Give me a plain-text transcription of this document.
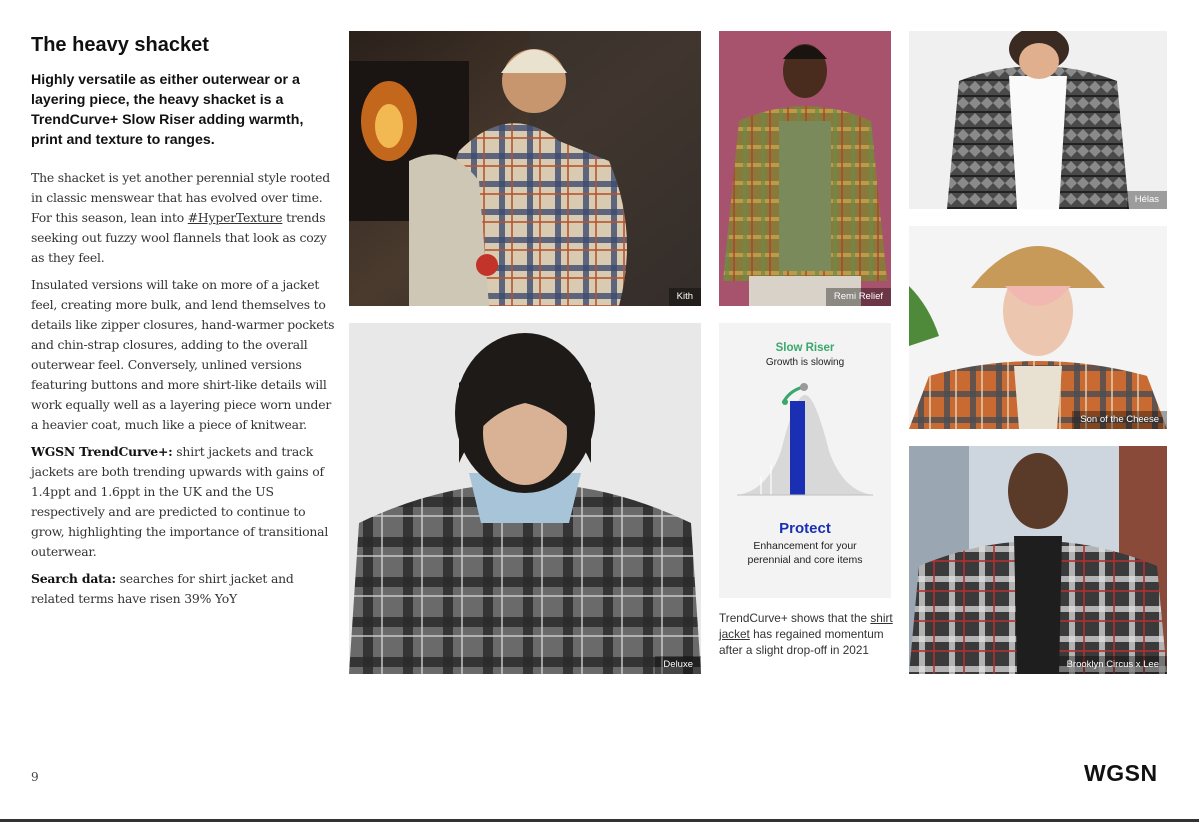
The heavy shacket
Highly versatile as either outerwear or a layering piece, the heavy shacket is a TrendCurve+ Slow Riser adding warmth, print and texture to ranges.

The shacket is yet another perennial style rooted in classic menswear that has evolved over time. For this season, lean into #HyperTexture trends seeking out fuzzy wool flannels that look as cozy as they feel.

Insulated versions will take on more of a jacket feel, creating more bulk, and lend themselves to details like zipper closures, hand-warmer pockets and chin-strap closures, adding to the overall outerwear feel. Conversely, unlined versions featuring buttons and more shirt-like details will work equally well as a layering piece worn under a heavier coat, much like a piece of knitwear.

WGSN TrendCurve+: shirt jackets and track jackets are both trending upwards with gains of 1.4ppt and 1.6ppt in the UK and the US respectively and are predicted to continue to grow, highlighting the importance of transitional outerwear.

Search data: searches for shirt jacket and related terms have risen 39% YoY

Kith	Remi Relief
Hélas
Deluxe
Slow Riser
Growth is slowing
Protect
Enhancement for your perennial and core items
TrendCurve+ shows that the shirt jacket has regained momentum after a slight drop-off in 2021
Son of the Cheese
Brooklyn Circus x Lee
9	WGSN
